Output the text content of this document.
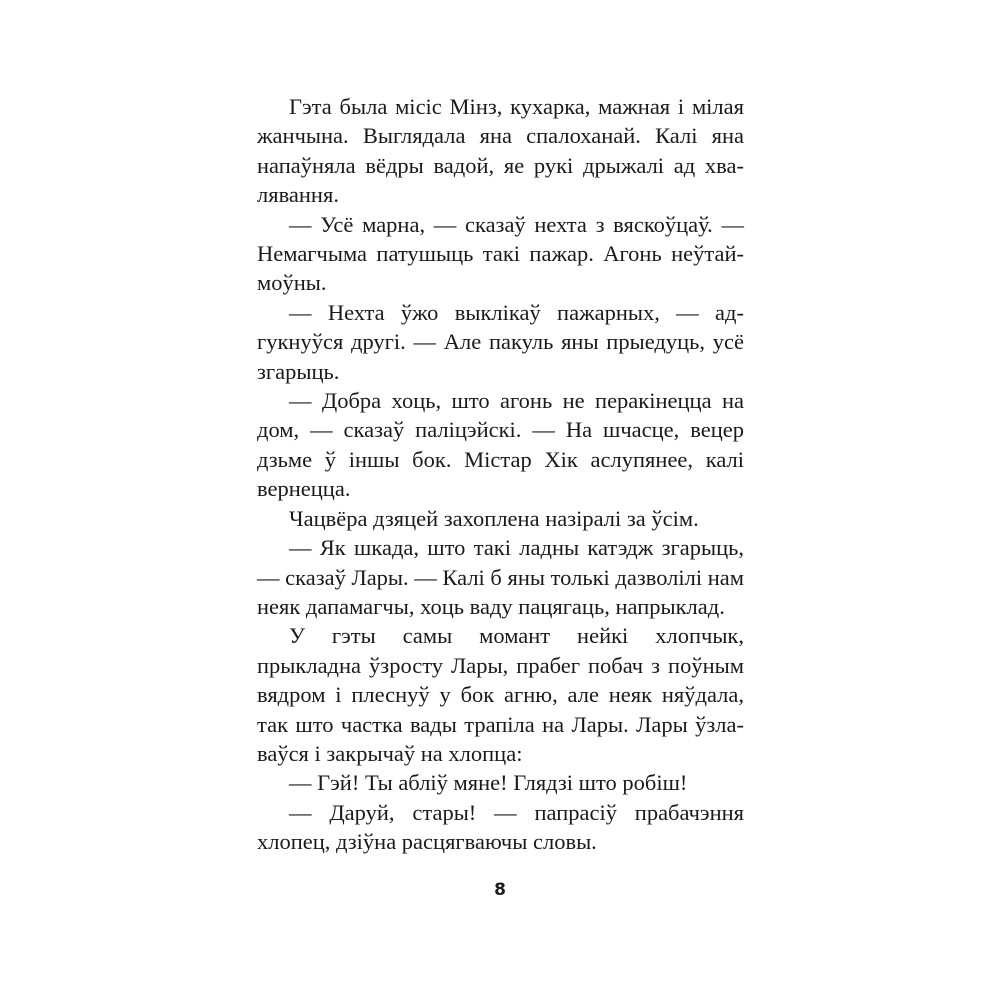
Гэта была місіс Мінз, кухарка, мажная і мілая жанчына. Выглядала яна спалоханай. Калі яна напаўняла вёдры вадой, яе рукі дрыжалі ад хвалявання.

— Усё марна, — сказаў нехта з вяскоўцаў. — Немагчыма патушыць такі пажар. Агонь неўтаймоўны.

— Нехта ўжо выклікаў пажарных, — адгукнуўся другі. — Але пакуль яны прыедуць, усё згарыць.

— Добра хоць, што агонь не перакінецца на дом, — сказаў паліцэйскі. — На шчасце, вецер дзьме ў іншы бок. Містар Хік аслупянее, калі вернецца.

Чацвёра дзяцей захоплена назіралі за ўсім.

— Як шкада, што такі ладны катэдж згарыць, — сказаў Лары. — Калі б яны толькі дазволілі нам неяк дапамагчы, хоць ваду пацягаць, напрыклад.

У гэты самы момант нейкі хлопчык, прыкладна ўзросту Лары, прабег побач з поўным вядром і плеснуў у бок агню, але неяк няўдала, так што частка вады трапіла на Лары. Лары ўзлаваўся і закрычаў на хлопца:

— Гэй! Ты абліў мяне! Глядзі што робіш!

— Даруй, стары! — папрасіў прабачэння хлопец, дзіўна расцягваючы словы.

8
